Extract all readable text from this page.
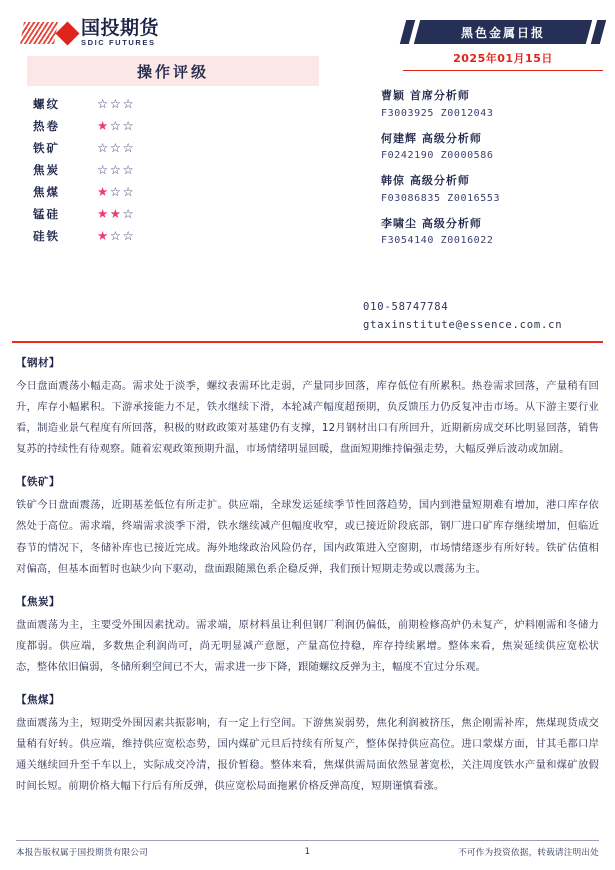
国投期货
SDIC FUTURES
操作评级
螺纹	☆☆☆
热卷	★☆☆
铁矿	☆☆☆
焦炭	☆☆☆
焦煤	★☆☆
锰硅	★★☆
硅铁	★☆☆
黑色金属日报
2025年01月15日
曹颖 首席分析师
F3003925 Z0012043
何建辉 高级分析师
F0242190 Z0000586
韩倞 高级分析师
F03086835 Z0016553
李啸尘 高级分析师
F3054140 Z0016022
010-58747784
gtaxinstitute@essence.com.cn
【钢材】
今日盘面震荡小幅走高。需求处于淡季，螺纹表需环比走弱，产量同步回落，库存低位有所累积。热卷需求回落，产量稍有回升，库存小幅累积。下游承接能力不足，铁水继续下滑，本轮减产幅度超预期，负反馈压力仍反复冲击市场。从下游主要行业看，制造业景气程度有所回落，积极的财政政策对基建仍有支撑，12月钢材出口有所回升，近期新房成交环比明显回落，销售复苏的持续性有待观察。随着宏观政策预期升温，市场情绪明显回暖，盘面短期维持偏强走势，大幅反弹后波动或加剧。
【铁矿】
铁矿今日盘面震荡，近期基差低位有所走扩。供应端，全球发运延续季节性回落趋势，国内到港量短期难有增加，港口库存依然处于高位。需求端，终端需求淡季下滑，铁水继续减产但幅度收窄，或已接近阶段底部，钢厂进口矿库存继续增加，但临近春节的情况下，冬储补库也已接近完成。海外地缘政治风险仍存，国内政策进入空窗期，市场情绪逐步有所好转。铁矿估值相对偏高，但基本面暂时也缺少向下驱动，盘面跟随黑色系企稳反弹，我们预计短期走势或以震荡为主。
【焦炭】
盘面震荡为主，主要受外围因素扰动。需求端，原材料虽让利但钢厂利润仍偏低，前期检修高炉仍未复产，炉料刚需和冬储力度都弱。供应端，多数焦企利润尚可，尚无明显减产意愿，产量高位持稳，库存持续累增。整体来看，焦炭延续供应宽松状态，整体依旧偏弱，冬储所剩空间已不大，需求进一步下降，跟随螺纹反弹为主，幅度不宜过分乐观。
【焦煤】
盘面震荡为主，短期受外围因素共振影响，有一定上行空间。下游焦炭弱势，焦化利润被挤压，焦企刚需补库，焦煤现货成交量稍有好转。供应端，维持供应宽松态势，国内煤矿元旦后持续有所复产，整体保持供应高位。进口蒙煤方面，甘其毛都口岸通关继续回升至千车以上，实际成交冷清，报价暂稳。整体来看，焦煤供需局面依然显著宽松，关注周度铁水产量和煤矿放假时间长短。前期价格大幅下行后有所反弹，供应宽松局面拖累价格反弹高度，短期谨慎看涨。
本报告版权属于国投期货有限公司	1	不可作为投资依据，转载请注明出处
